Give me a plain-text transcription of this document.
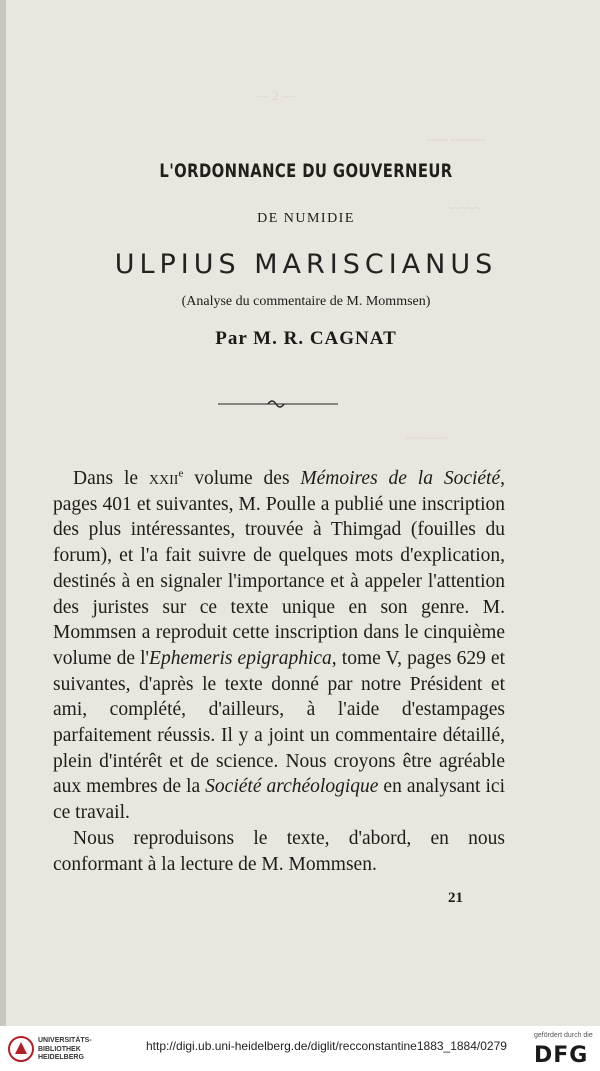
— 2 —
~~~ ~~~~~
~~~~~
~~~~~~
L'ORDONNANCE DU GOUVERNEUR
DE NUMIDIE
ULPIUS MARISCIANUS
(Analyse du commentaire de M. Mommsen)
Par M. R. CAGNAT

Dans le xxii$^e$ volume des Mémoires de la Société, pages 401 et suivantes, M. Poulle a publié une inscription des plus intéressantes, trouvée à Thimgad (fouilles du forum), et l'a fait suivre de quelques mots d'explication, destinés à en signaler l'importance et à appeler l'attention des juristes sur ce texte unique en son genre. M. Mommsen a reproduit cette inscription dans le cinquième volume de l'Ephemeris epigraphica, tome V, pages 629 et suivantes, d'après le texte donné par notre Président et ami, complété, d'ailleurs, à l'aide d'estampages parfaitement réussis. Il y a joint un commentaire détaillé, plein d'intérêt et de science. Nous croyons être agréable aux membres de la Société archéologique en analysant ici ce travail.

Nous reproduisons le texte, d'abord, en nous conformant à la lecture de M. Mommsen.

21
UNIVERSITÄTS-
BIBLIOTHEK
HEIDELBERG
http://digi.ub.uni-heidelberg.de/diglit/recconstantine1883_1884/0279
gefördert durch die
DFG
